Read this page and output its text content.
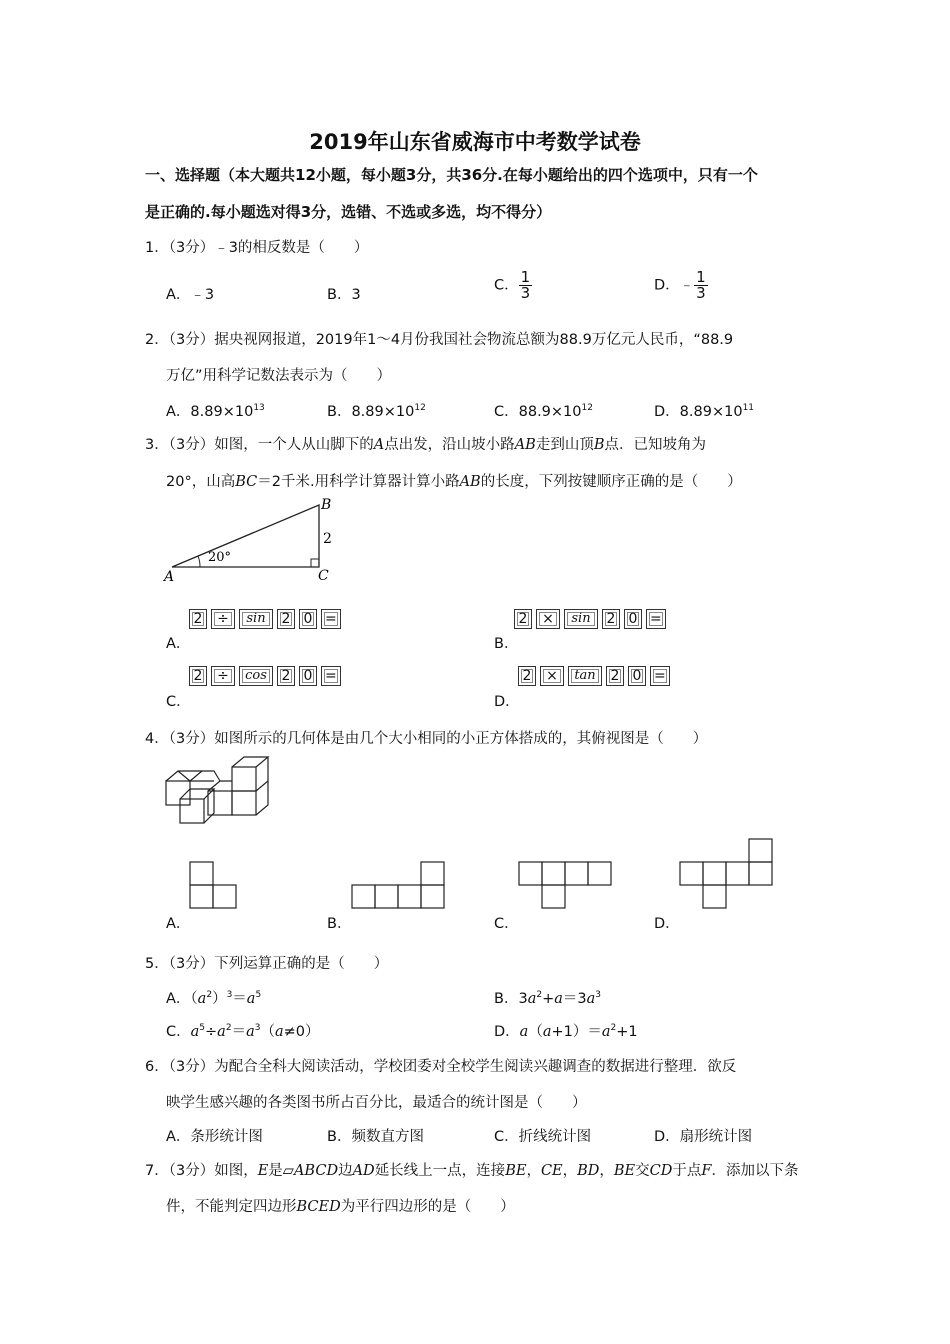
2019年山东省威海市中考数学试卷
一、选择题（本大题共12小题，每小题3分，共36分.在每小题给出的四个选项中，只有一个
是正确的.每小题选对得3分，选错、不选或多选，均不得分）
1．（3分）﹣3的相反数是（　　）
A．﹣3	B．3
C． $\frac{1}{3}$	D．﹣ $\frac{1}{3}$
2．（3分）据央视网报道，2019年1～4月份我国社会物流总额为88.9万亿元人民币，“88.9
万亿”用科学记数法表示为（　　）
A．$8.89\times 10^{13}$	B．$8.89\times 10^{12}$	C．$88.9\times 10^{12}$	D．$8.89\times 10^{11}$
3．（3分）如图，一个人从山脚下的A点出发，沿山坡小路AB走到山顶B点．已知坡角为
20°，山高BC＝2千米.用科学计算器计算小路AB的长度，下列按键顺序正确的是（　　）
A
B
C
20°
2
A．
2	÷	sin	2 0 =
B．
2	×	sin	2 0 =
C．
2	÷	cos	2 0 =
D．
2	×	tan	2 0 =
4．（3分）如图所示的几何体是由几个大小相同的小正方体搭成的，其俯视图是（　　）
A．	B．	C．	D．
5．（3分）下列运算正确的是（　　）
A．$(a^2)^3=a^5$	B．$3a^2+a=3a^3$
C．$a^5\div a^2=a^3(a\ne 0)$	D．$a(a+1)=a^2+1$
6．（3分）为配合全科大阅读活动，学校团委对全校学生阅读兴趣调查的数据进行整理．欲反
映学生感兴趣的各类图书所占百分比，最适合的统计图是（　　）
A．条形统计图	B．频数直方图	C．折线统计图	D．扇形统计图
7．（3分）如图，E是▱ABCD边AD延长线上一点，连接BE，CE，BD，BE交CD于点F．添加以下条
件，不能判定四边形BCED为平行四边形的是（　　）
